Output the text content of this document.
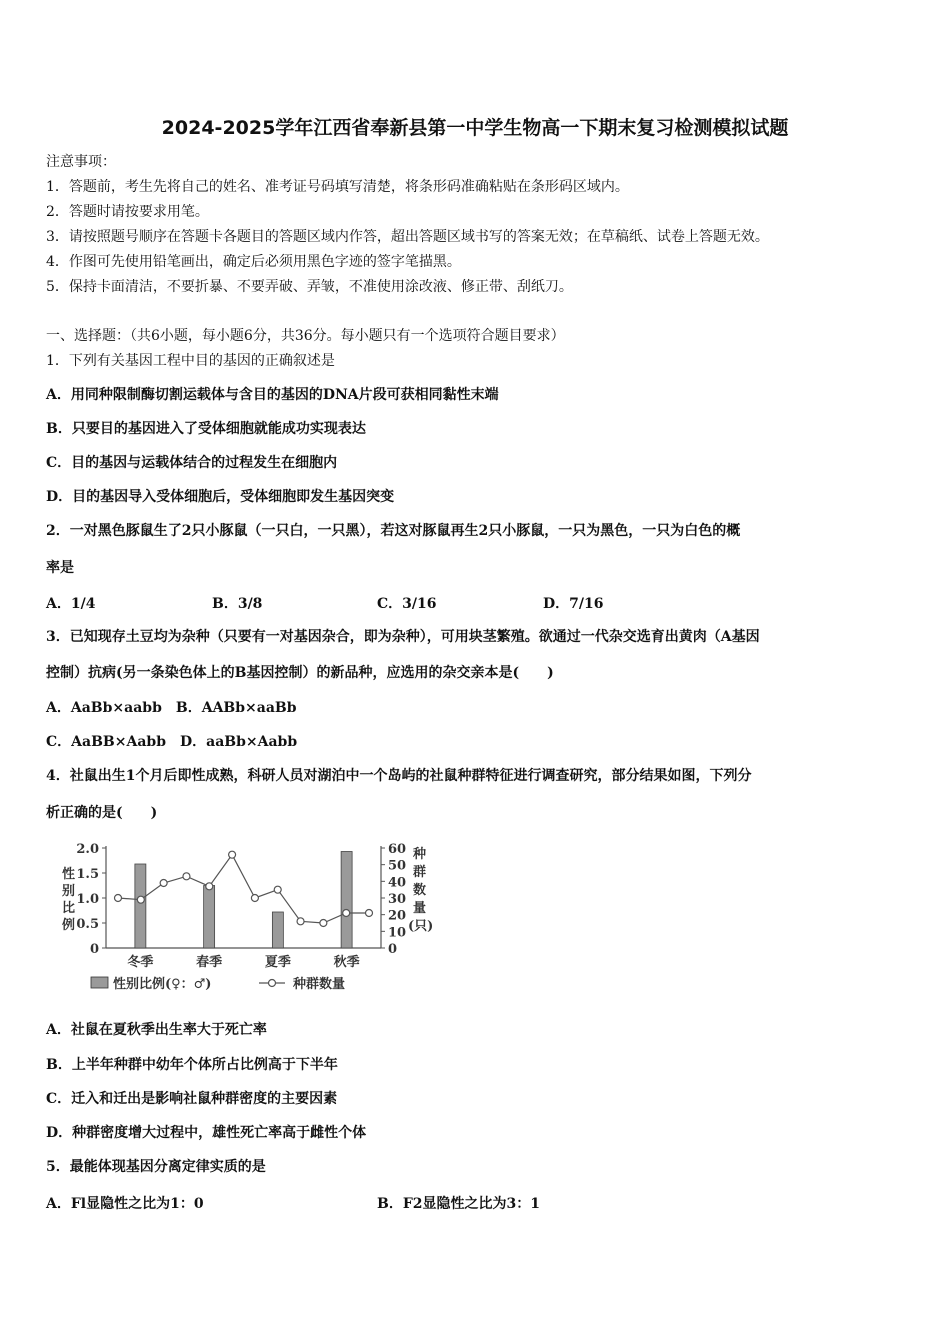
2024-2025学年江西省奉新县第一中学生物高一下期末复习检测模拟试题
注意事项：
1．答题前，考生先将自己的姓名、准考证号码填写清楚，将条形码准确粘贴在条形码区域内。
2．答题时请按要求用笔。
3．请按照题号顺序在答题卡各题目的答题区域内作答，超出答题区域书写的答案无效；在草稿纸、试卷上答题无效。
4．作图可先使用铅笔画出，确定后必须用黑色字迹的签字笔描黑。
5．保持卡面清洁，不要折暴、不要弄破、弄皱，不准使用涂改液、修正带、刮纸刀。
一、选择题：（共6小题，每小题6分，共36分。每小题只有一个选项符合题目要求）
1．下列有关基因工程中目的基因的正确叙述是
A．用同种限制酶切割运载体与含目的基因的DNA片段可获相同黏性末端
B．只要目的基因进入了受体细胞就能成功实现表达
C．目的基因与运载体结合的过程发生在细胞内
D．目的基因导入受体细胞后，受体细胞即发生基因突变
2．一对黑色豚鼠生了2只小豚鼠（一只白，一只黑），若这对豚鼠再生2只小豚鼠，一只为黑色，一只为白色的概
率是
A．1/4	B．3/8	C．3/16	D．7/16
3．已知现存土豆均为杂种（只要有一对基因杂合，即为杂种），可用块茎繁殖。欲通过一代杂交选育出黄肉（A基因
控制）抗病(另一条染色体上的B基因控制）的新品种，应选用的杂交亲本是(　　)
A．AaBb×aabb　B．AABb×aaBb
C．AaBB×Aabb　D．aaBb×Aabb
4．社鼠出生1个月后即性成熟，科研人员对湖泊中一个岛屿的社鼠种群特征进行调查研究，部分结果如图，下列分
析正确的是(　　)
2.0
1.5
1.0
0.5
0
60
50
40
30
20
10
0
冬季	春季	夏季	秋季
性
别
比
例
种
群
数
量
(只)
性别比例(♀：♂)	种群数量
A．社鼠在夏秋季出生率大于死亡率
B．上半年种群中幼年个体所占比例高于下半年
C．迁入和迁出是影响社鼠种群密度的主要因素
D．种群密度增大过程中，雄性死亡率高于雌性个体
5．最能体现基因分离定律实质的是
A．Fl显隐性之比为1：0	B．F2显隐性之比为3：1
